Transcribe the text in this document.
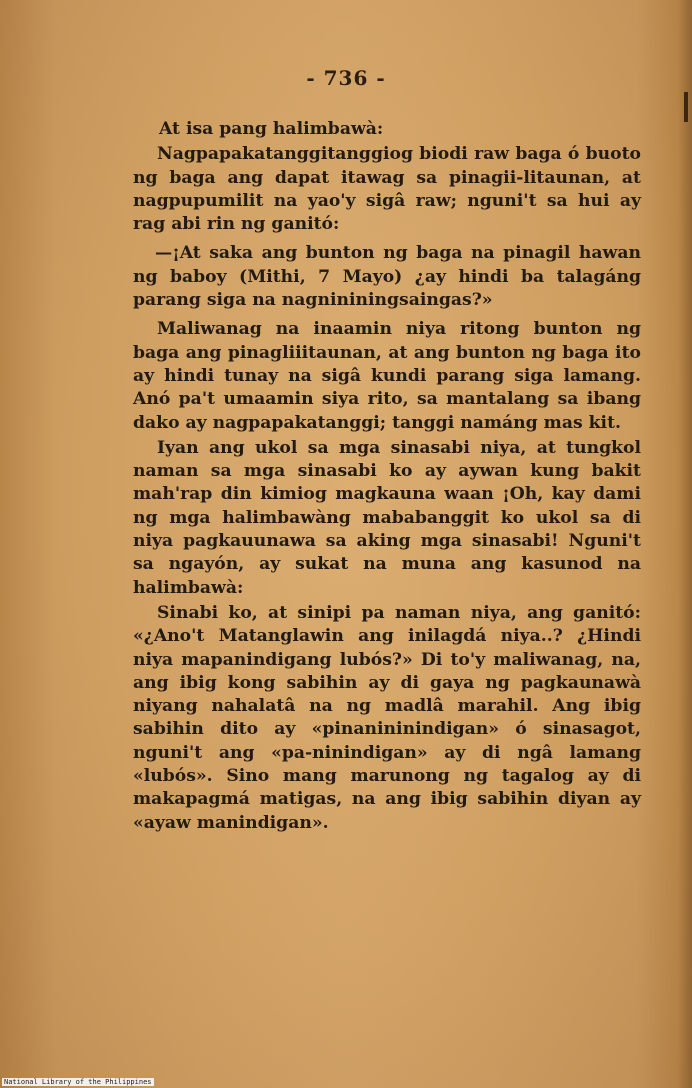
- 736 -

At isa pang halimbawà:

Nagpapakatanggitanggiog biodi raw baga ó buoto ng baga ang dapat itawag sa pinagii-litaunan, at nagpupumilit na yao'y sigâ raw; nguni't sa hui ay rag abi rin ng ganitó:

—¡At saka ang bunton ng baga na pinagil hawan ng baboy (Mithi, 7 Mayo) ¿ay hindi ba talagáng parang siga na nagnininingsaingas?»

Maliwanag na inaamin niya ritong bunton ng baga ang pinagliiitaunan, at ang bunton ng baga ito ay hindi tunay na sigâ kundi parang siga lamang. Anó pa't umaamin siya rito, sa mantalang sa ibang dako ay nagpapakatanggi; tanggi namáng mas kit.

Iyan ang ukol sa mga sinasabi niya, at tungkol naman sa mga sinasabi ko ay aywan kung bakit mah'rap din kimiog magkauna waan ¡Oh, kay dami ng mga halimbawàng mababanggit ko ukol sa di niya pagkauunawa sa aking mga sinasabi! Nguni't sa ngayón, ay sukat na muna ang kasunod na halimbawà:

Sinabi ko, at sinipi pa naman niya, ang ganitó: «¿Ano't Matanglawin ang inilagdá niya..? ¿Hindi niya mapanindigang lubós?» Di to'y maliwanag, na, ang ibig kong sabihin ay di gaya ng pagkaunawà niyang nahalatâ na ng madlâ marahil. Ang ibig sabihin dito ay «pinanininindigan» ó sinasagot, nguni't ang «pa-ninindigan» ay di ngâ lamang «lubós». Sino mang marunong ng tagalog ay di makapagmá matigas, na ang ibig sabihin diyan ay «ayaw manindigan».

National Library of the Philippines
